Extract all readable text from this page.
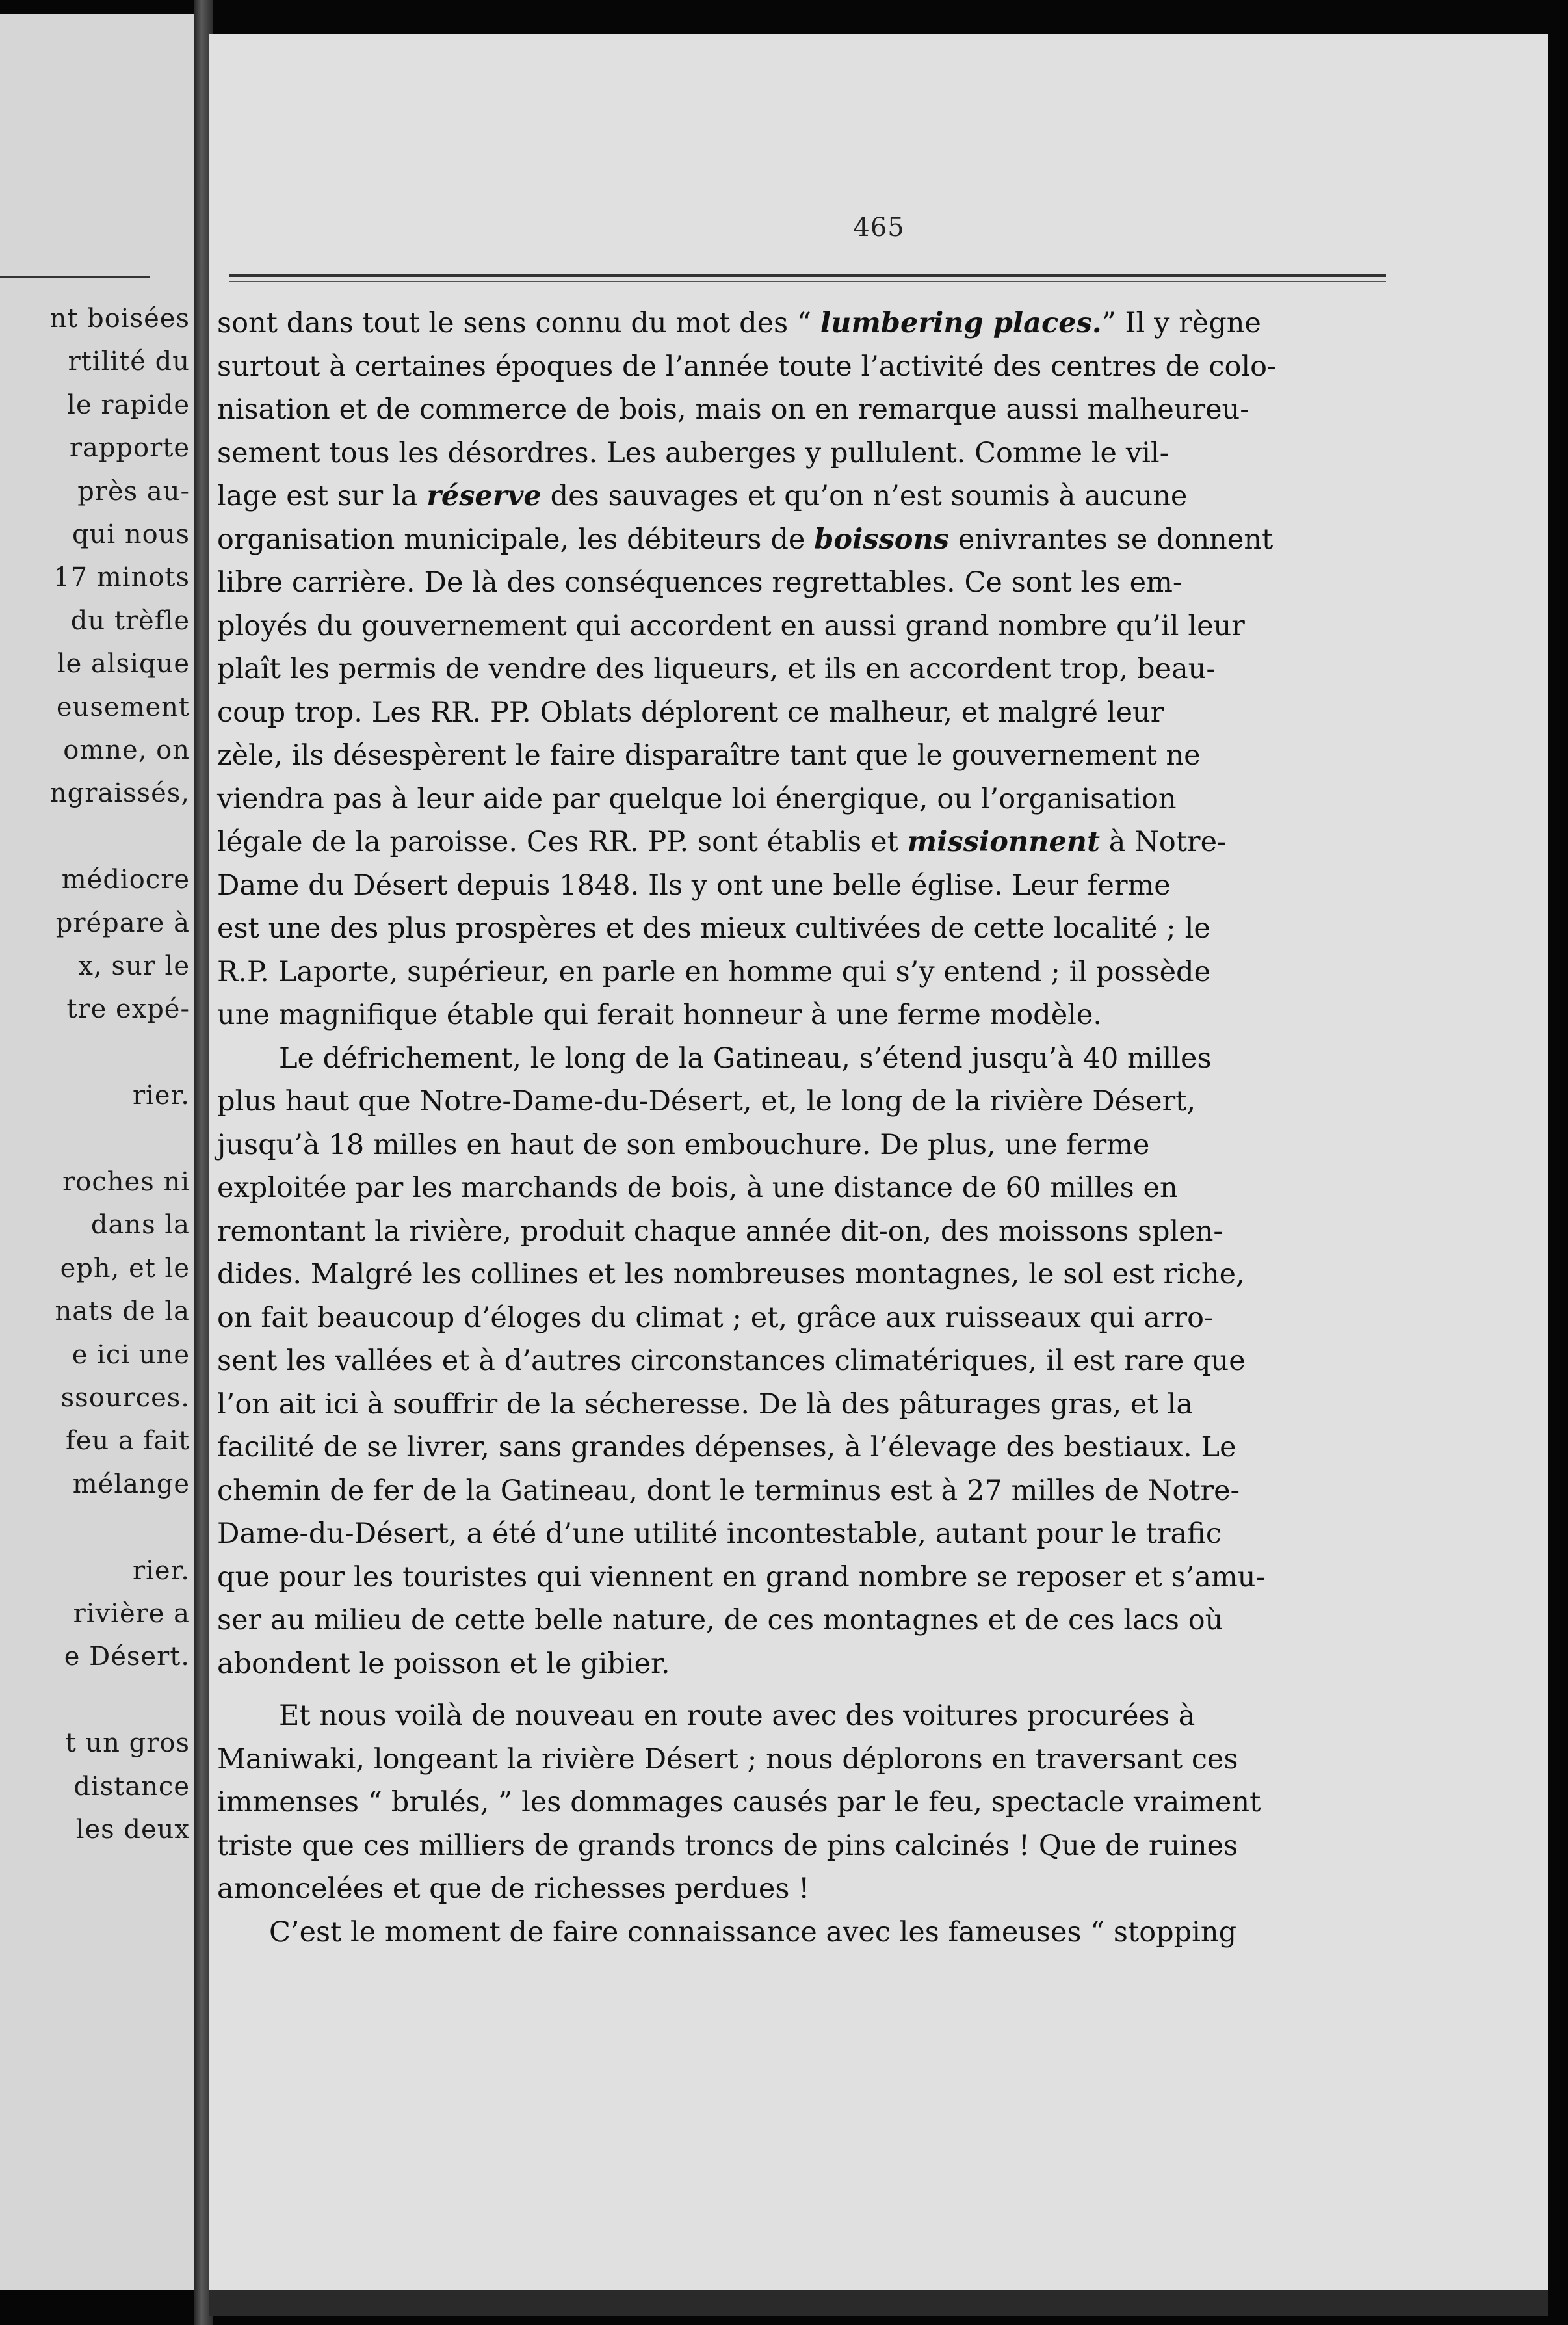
nt boisées
rtilité du
le rapide
rapporte
près au-
qui nous
17 minots
du trèfle
le alsique
eusement
omne, on
ngraissés,
médiocre
prépare à
x, sur le
tre expé-
rier.
roches ni
dans la
eph, et le
nats de la
e ici une
ssources.
feu a fait
mélange
rier.
rivière a
e Désert.
t un gros
distance
les deux
465
sont dans tout le sens connu du mot des “ lumbering places.” Il y règne
surtout à certaines époques de l’année toute l’activité des centres de colo-
nisation et de commerce de bois, mais on en remarque aussi malheureu-
sement tous les désordres. Les auberges y pullulent. Comme le vil-
lage est sur la réserve des sauvages et qu’on n’est soumis à aucune
organisation municipale, les débiteurs de boissons enivrantes se donnent
libre carrière. De là des conséquences regrettables. Ce sont les em-
ployés du gouvernement qui accordent en aussi grand nombre qu’il leur
plaît les permis de vendre des liqueurs, et ils en accordent trop, beau-
coup trop. Les RR. PP. Oblats déplorent ce malheur, et malgré leur
zèle, ils désespèrent le faire disparaître tant que le gouvernement ne
viendra pas à leur aide par quelque loi énergique, ou l’organisation
légale de la paroisse. Ces RR. PP. sont établis et missionnent à Notre-
Dame du Désert depuis 1848. Ils y ont une belle église. Leur ferme
est une des plus prospères et des mieux cultivées de cette localité ; le
R.P. Laporte, supérieur, en parle en homme qui s’y entend ; il possède
une magnifique étable qui ferait honneur à une ferme modèle.
Le défrichement, le long de la Gatineau, s’étend jusqu’à 40 milles
plus haut que Notre-Dame-du-Désert, et, le long de la rivière Désert,
jusqu’à 18 milles en haut de son embouchure. De plus, une ferme
exploitée par les marchands de bois, à une distance de 60 milles en
remontant la rivière, produit chaque année dit-on, des moissons splen-
dides. Malgré les collines et les nombreuses montagnes, le sol est riche,
on fait beaucoup d’éloges du climat ; et, grâce aux ruisseaux qui arro-
sent les vallées et à d’autres circonstances climatériques, il est rare que
l’on ait ici à souffrir de la sécheresse. De là des pâturages gras, et la
facilité de se livrer, sans grandes dépenses, à l’élevage des bestiaux. Le
chemin de fer de la Gatineau, dont le terminus est à 27 milles de Notre-
Dame-du-Désert, a été d’une utilité incontestable, autant pour le trafic
que pour les touristes qui viennent en grand nombre se reposer et s’amu-
ser au milieu de cette belle nature, de ces montagnes et de ces lacs où
abondent le poisson et le gibier.
Et nous voilà de nouveau en route avec des voitures procurées à
Maniwaki, longeant la rivière Désert ; nous déplorons en traversant ces
immenses “ brulés, ” les dommages causés par le feu, spectacle vraiment
triste que ces milliers de grands troncs de pins calcinés ! Que de ruines
amoncelées et que de richesses perdues !
C’est le moment de faire connaissance avec les fameuses “ stopping
